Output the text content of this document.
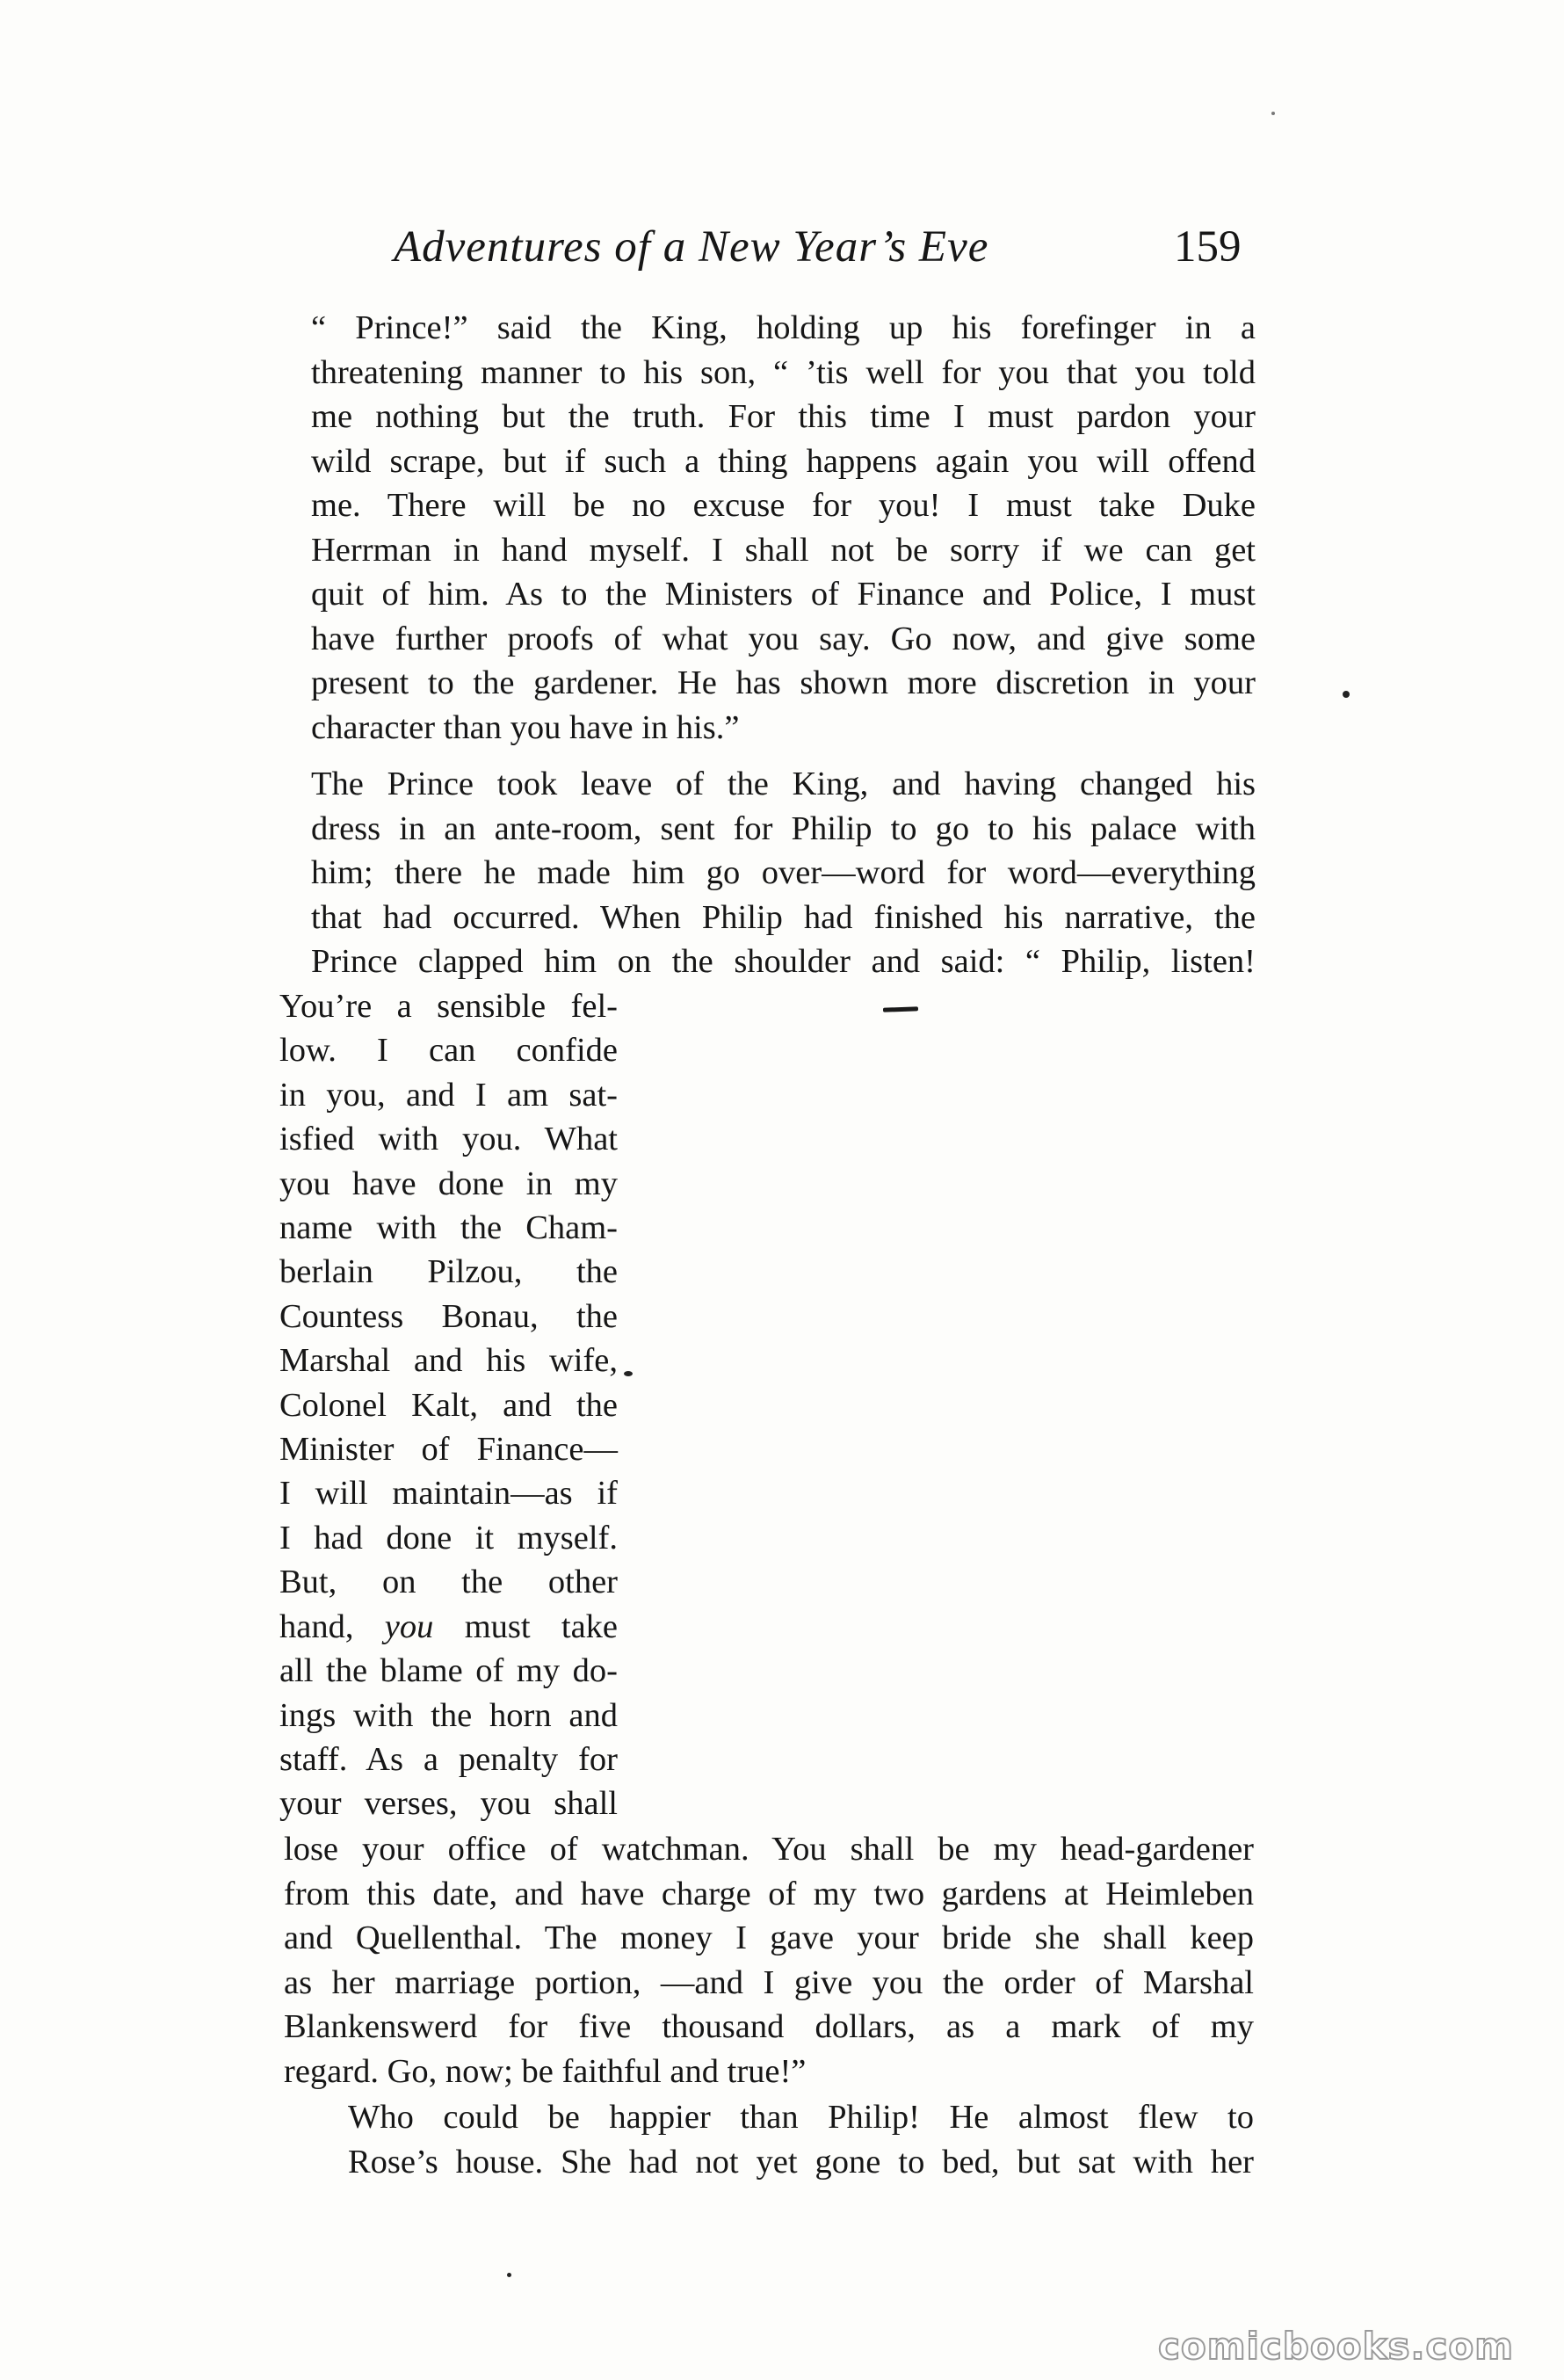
Adventures of a New Year’s Eve	159

“ Prince!” said the King, holding up his forefinger in a
threatening manner to his son, “ ’tis well for you that you told
me nothing but the truth. For this time I must pardon your
wild scrape, but if such a thing happens again you will offend
me. There will be no excuse for you! I must take Duke
Herrman in hand myself. I shall not be sorry if we can get
quit of him. As to the Ministers of Finance and Police, I must
have further proofs of what you say. Go now, and give some
present to the gardener. He has shown more discretion in your
character than you have in his.”

The Prince took leave of the King, and having changed his
dress in an ante-room, sent for Philip to go to his palace with
him; there he made him go over—word for word—everything
that had occurred. When Philip had finished his narrative, the
Prince clapped him on the shoulder and said: “ Philip, listen!

You’re a sensible fel-
low. I can confide
in you, and I am sat-
isfied with you. What
you have done in my
name with the Cham-
berlain Pilzou, the
Countess Bonau, the
Marshal and his wife,
Colonel Kalt, and the
Minister of Finance—
I will maintain—as if
I had done it myself.
But, on the other
hand, you must take
all the blame of my do-
ings with the horn and
staff. As a penalty for
your verses, you shall

lose your office of watchman. You shall be my head-gardener
from this date, and have charge of my two gardens at Heimleben
and Quellenthal. The money I gave your bride she shall keep
as her marriage portion, —and I give you the order of Marshal
Blankenswerd for five thousand dollars, as a mark of my
regard. Go, now; be faithful and true!”

Who could be happier than Philip! He almost flew to
Rose’s house. She had not yet gone to bed, but sat with her

comicbooks.com
